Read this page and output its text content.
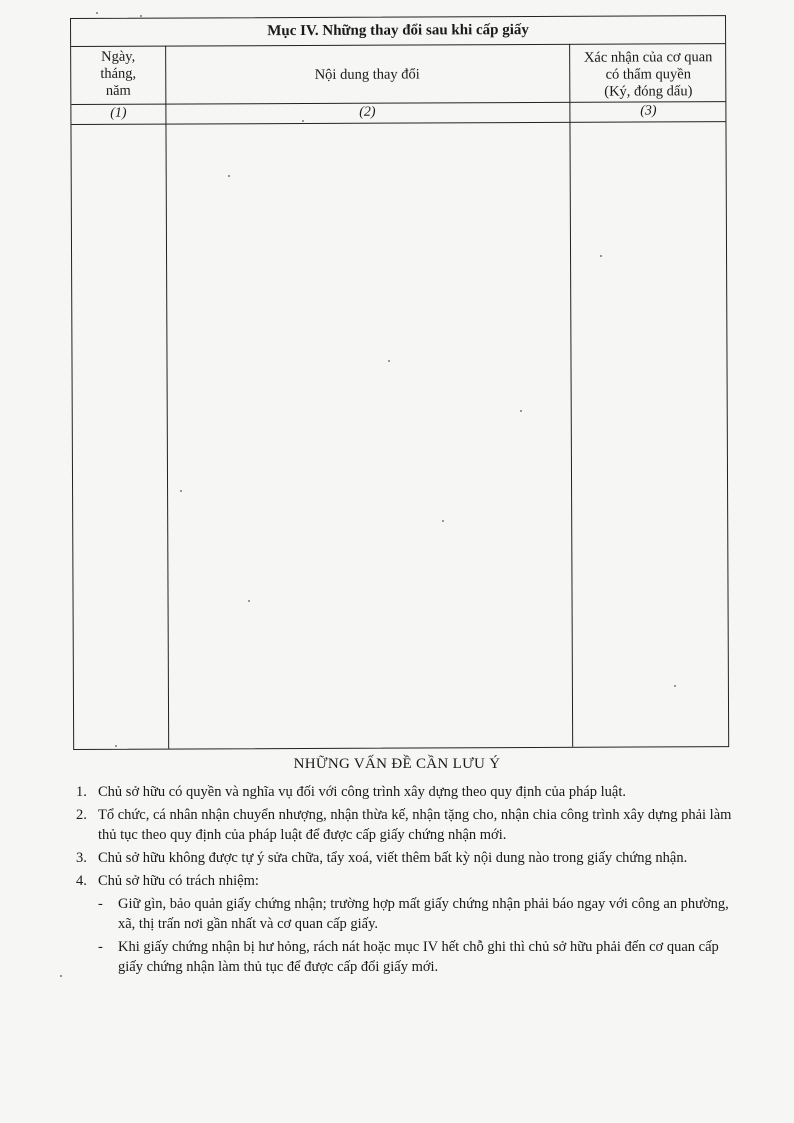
Mục IV. Những thay đổi sau khi cấp giấy
Ngày,
tháng,
năm
Nội dung thay đổi
Xác nhận của cơ quan
có thẩm quyền
(Ký, đóng dấu)
(1)	(2)	(3)
NHỮNG VẤN ĐỀ CẦN LƯU Ý
1. Chủ sở hữu có quyền và nghĩa vụ đối với công trình xây dựng theo quy định của pháp luật.
2. Tổ chức, cá nhân nhận chuyển nhượng, nhận thừa kế, nhận tặng cho, nhận chia công trình xây dựng phải làm thủ tục theo quy định của pháp luật để được cấp giấy chứng nhận mới.
3. Chủ sở hữu không được tự ý sửa chữa, tẩy xoá, viết thêm bất kỳ nội dung nào trong giấy chứng nhận.
4. Chủ sở hữu có trách nhiệm:
- Giữ gìn, bảo quản giấy chứng nhận; trường hợp mất giấy chứng nhận phải báo ngay với công an phường, xã, thị trấn nơi gần nhất và cơ quan cấp giấy.
- Khi giấy chứng nhận bị hư hỏng, rách nát hoặc mục IV hết chỗ ghi thì chủ sở hữu phải đến cơ quan cấp giấy chứng nhận làm thủ tục để được cấp đổi giấy mới.
